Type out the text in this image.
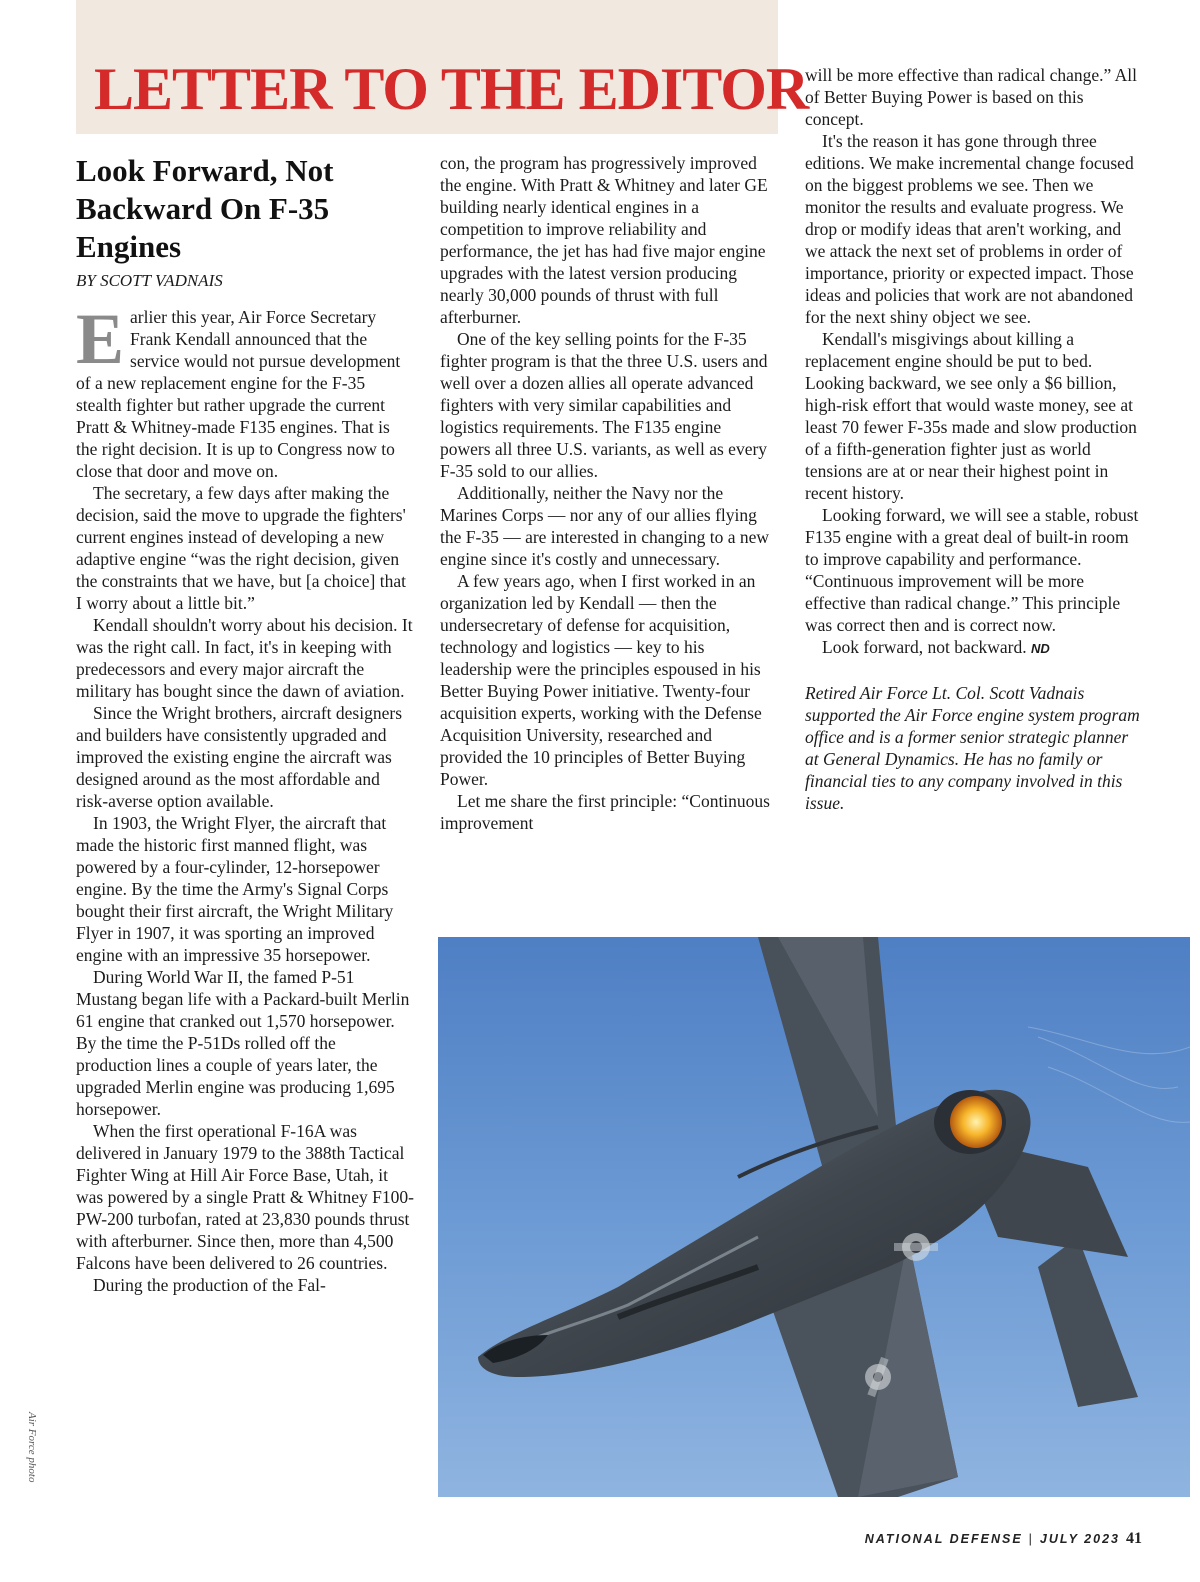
LETTER TO THE EDITOR
Look Forward, Not Backward On F-35 Engines
BY SCOTT VADNAIS

Earlier this year, Air Force Secretary Frank Kendall announced that the service would not pursue development of a new replacement engine for the F-35 stealth fighter but rather upgrade the current Pratt & Whitney-made F135 engines. That is the right decision. It is up to Congress now to close that door and move on.

The secretary, a few days after making the decision, said the move to upgrade the fighters' current engines instead of developing a new adaptive engine “was the right decision, given the constraints that we have, but [a choice] that I worry about a little bit.”

Kendall shouldn't worry about his decision. It was the right call. In fact, it's in keeping with predecessors and every major aircraft the military has bought since the dawn of aviation.

Since the Wright brothers, aircraft designers and builders have consistently upgraded and improved the existing engine the aircraft was designed around as the most affordable and risk-averse option available.

In 1903, the Wright Flyer, the aircraft that made the historic first manned flight, was powered by a four-cylinder, 12-horsepower engine. By the time the Army's Signal Corps bought their first aircraft, the Wright Military Flyer in 1907, it was sporting an improved engine with an impressive 35 horsepower.

During World War II, the famed P-51 Mustang began life with a Packard-built Merlin 61 engine that cranked out 1,570 horsepower. By the time the P-51Ds rolled off the production lines a couple of years later, the upgraded Merlin engine was producing 1,695 horsepower.

When the first operational F-16A was delivered in January 1979 to the 388th Tactical Fighter Wing at Hill Air Force Base, Utah, it was powered by a single Pratt & Whitney F100-PW-200 turbofan, rated at 23,830 pounds thrust with afterburner. Since then, more than 4,500 Falcons have been delivered to 26 countries.

During the production of the Fal-

con, the program has progressively improved the engine. With Pratt & Whitney and later GE building nearly identical engines in a competition to improve reliability and performance, the jet has had five major engine upgrades with the latest version producing nearly 30,000 pounds of thrust with full afterburner.

One of the key selling points for the F-35 fighter program is that the three U.S. users and well over a dozen allies all operate advanced fighters with very similar capabilities and logistics requirements. The F135 engine powers all three U.S. variants, as well as every F-35 sold to our allies.

Additionally, neither the Navy nor the Marines Corps — nor any of our allies flying the F-35 — are interested in changing to a new engine since it's costly and unnecessary.

A few years ago, when I first worked in an organization led by Kendall — then the undersecretary of defense for acquisition, technology and logistics — key to his leadership were the principles espoused in his Better Buying Power initiative. Twenty-four acquisition experts, working with the Defense Acquisition University, researched and provided the 10 principles of Better Buying Power.

Let me share the first principle: “Continuous improvement

will be more effective than radical change.” All of Better Buying Power is based on this concept.

It's the reason it has gone through three editions. We make incremental change focused on the biggest problems we see. Then we monitor the results and evaluate progress. We drop or modify ideas that aren't working, and we attack the next set of problems in order of importance, priority or expected impact. Those ideas and policies that work are not abandoned for the next shiny object we see.

Kendall's misgivings about killing a replacement engine should be put to bed. Looking backward, we see only a $6 billion, high-risk effort that would waste money, see at least 70 fewer F-35s made and slow production of a fifth-generation fighter just as world tensions are at or near their highest point in recent history.

Looking forward, we will see a stable, robust F135 engine with a great deal of built-in room to improve capability and performance. “Continuous improvement will be more effective than radical change.” This principle was correct then and is correct now.

Look forward, not backward. ND

Retired Air Force Lt. Col. Scott Vadnais supported the Air Force engine system program office and is a former senior strategic planner at General Dynamics. He has no family or financial ties to any company involved in this issue.

Air Force photo
NATIONAL DEFENSE | JULY 2023 41
